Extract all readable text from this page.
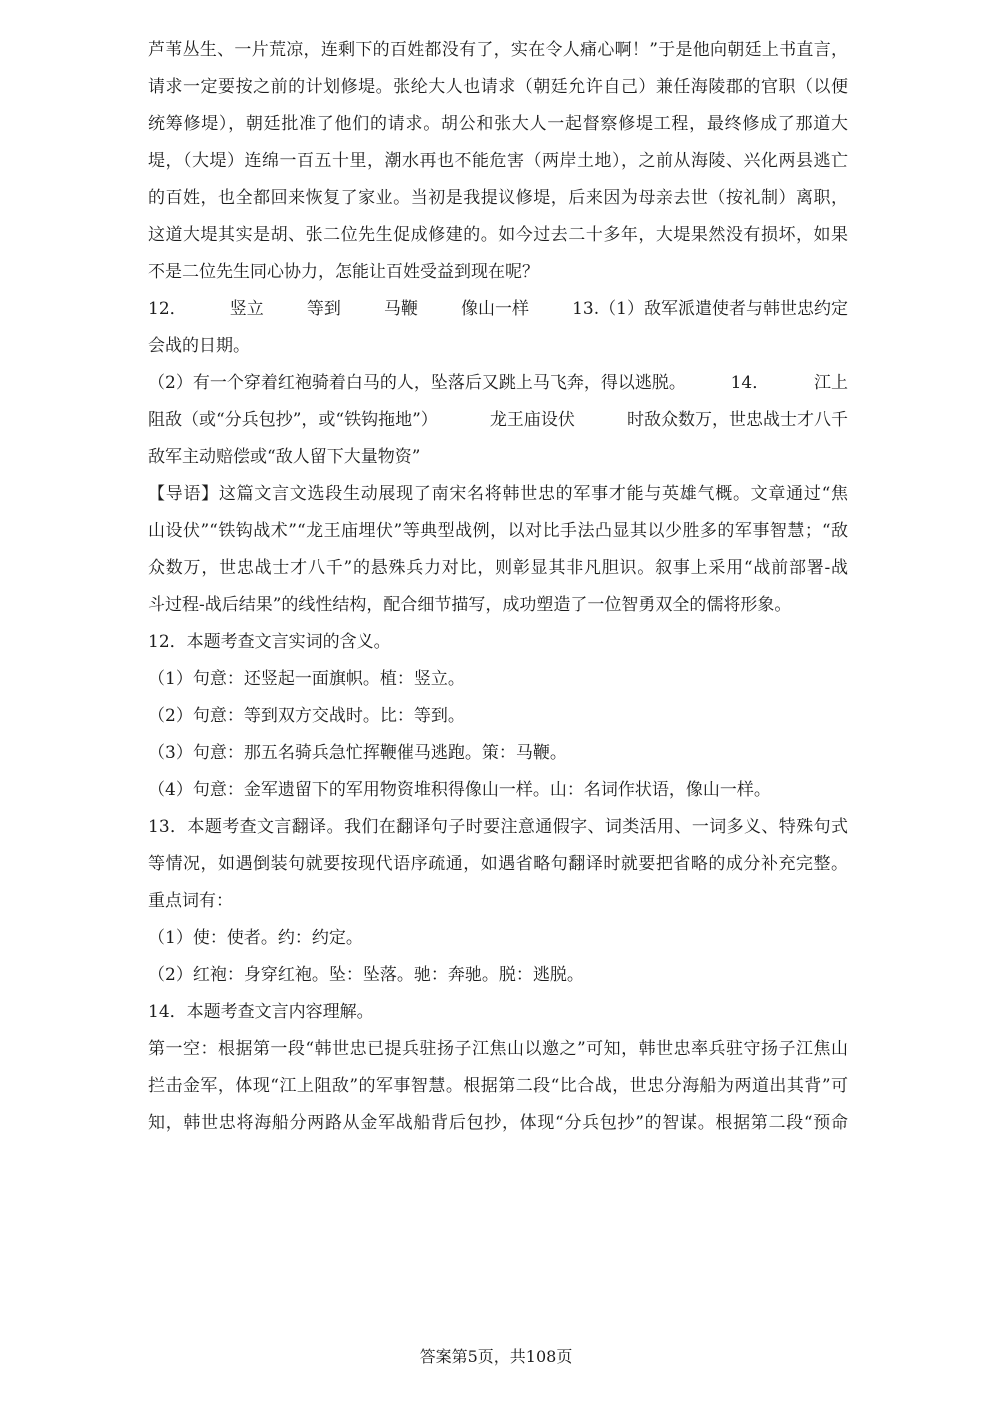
芦苇丛生、一片荒凉，连剩下的百姓都没有了，实在令人痛心啊！”于是他向朝廷上书直言，
请求一定要按之前的计划修堤。张纶大人也请求（朝廷允许自己）兼任海陵郡的官职（以便
统筹修堤），朝廷批准了他们的请求。胡公和张大人一起督察修堤工程，最终修成了那道大
堤，（大堤）连绵一百五十里，潮水再也不能危害（两岸土地），之前从海陵、兴化两县逃亡
的百姓，也全都回来恢复了家业。当初是我提议修堤，后来因为母亲去世（按礼制）离职，
这道大堤其实是胡、张二位先生促成修建的。如今过去二十多年，大堤果然没有损坏，如果
不是二位先生同心协力，怎能让百姓受益到现在呢？
12．	竖立	等到	马鞭	像山一样	13.（1）敌军派遣使者与韩世忠约定
会战的日期。
（2）有一个穿着红袍骑着白马的人，坠落后又跳上马飞奔，得以逃脱。	14．	江上
阻敌（或“分兵包抄”，或“铁钩拖地”）	龙王庙设伏	时敌众数万，世忠战士才八千
敌军主动赔偿或“敌人留下大量物资”
【导语】这篇文言文选段生动展现了南宋名将韩世忠的军事才能与英雄气概。文章通过“焦
山设伏”“铁钩战术”“龙王庙埋伏”等典型战例，以对比手法凸显其以少胜多的军事智慧；“敌
众数万，世忠战士才八千”的悬殊兵力对比，则彰显其非凡胆识。叙事上采用“战前部署-战
斗过程-战后结果”的线性结构，配合细节描写，成功塑造了一位智勇双全的儒将形象。
12．本题考查文言实词的含义。
（1）句意：还竖起一面旗帜。植：竖立。
（2）句意：等到双方交战时。比：等到。
（3）句意：那五名骑兵急忙挥鞭催马逃跑。策：马鞭。
（4）句意：金军遗留下的军用物资堆积得像山一样。山：名词作状语，像山一样。
13．本题考查文言翻译。我们在翻译句子时要注意通假字、词类活用、一词多义、特殊句式
等情况，如遇倒装句就要按现代语序疏通，如遇省略句翻译时就要把省略的成分补充完整。
重点词有：
（1）使：使者。约：约定。
（2）红袍：身穿红袍。坠：坠落。驰：奔驰。脱：逃脱。
14．本题考查文言内容理解。
第一空：根据第一段“韩世忠已提兵驻扬子江焦山以邀之”可知，韩世忠率兵驻守扬子江焦山
拦击金军，体现“江上阻敌”的军事智慧。根据第二段“比合战，世忠分海船为两道出其背”可
知，韩世忠将海船分两路从金军战船背后包抄，体现“分兵包抄”的智谋。根据第二段“预命
答案第5页，共108页
